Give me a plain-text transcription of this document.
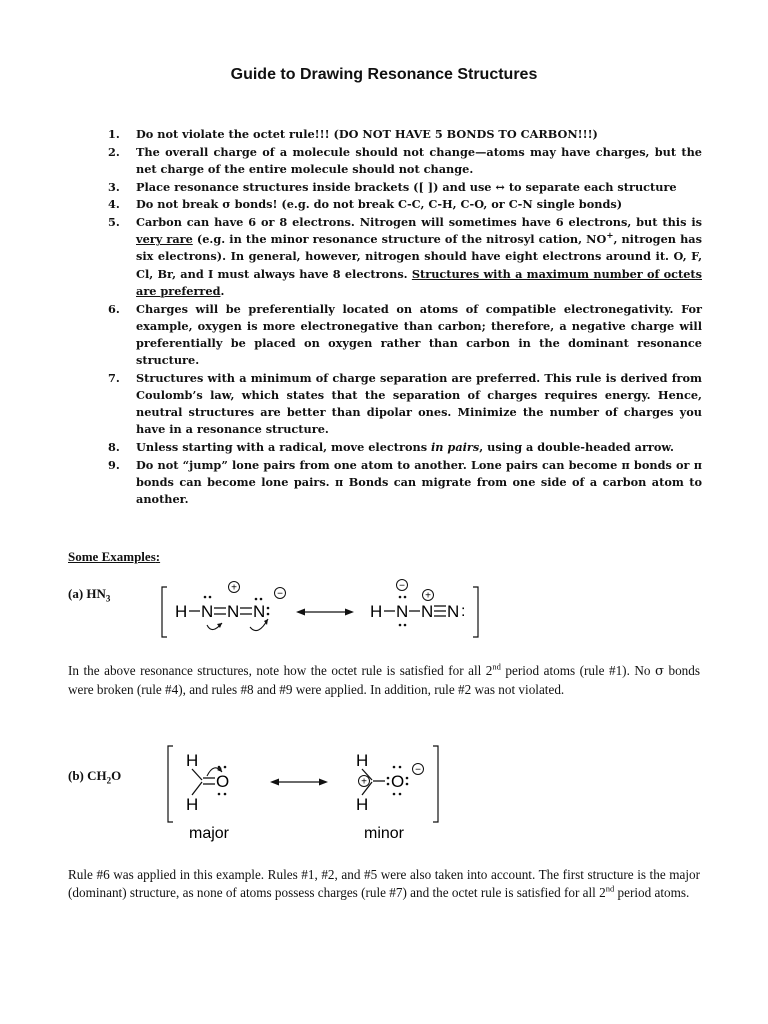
Guide to Drawing Resonance Structures
1.	Do not violate the octet rule!!! (DO NOT HAVE 5 BONDS TO CARBON!!!)
2.	The overall charge of a molecule should not change—atoms may have charges, but the net charge of the entire molecule should not change.
3.	Place resonance structures inside brackets ([ ]) and use ↔ to separate each structure
4.	Do not break σ bonds! (e.g. do not break C-C, C-H, C-O, or C-N single bonds)
5.	Carbon can have 6 or 8 electrons. Nitrogen will sometimes have 6 electrons, but this is very rare (e.g. in the minor resonance structure of the nitrosyl cation, NO+, nitrogen has six electrons). In general, however, nitrogen should have eight electrons around it. O, F, Cl, Br, and I must always have 8 electrons. Structures with a maximum number of octets are preferred.
6.	Charges will be preferentially located on atoms of compatible electronegativity. For example, oxygen is more electronegative than carbon; therefore, a negative charge will preferentially be placed on oxygen rather than carbon in the dominant resonance structure.
7.	Structures with a minimum of charge separation are preferred. This rule is derived from Coulomb’s law, which states that the separation of charges requires energy. Hence, neutral structures are better than dipolar ones. Minimize the number of charges you have in a resonance structure.
8.	Unless starting with a radical, move electrons in pairs, using a double-headed arrow.
9.	Do not “jump” lone pairs from one atom to another. Lone pairs can become π bonds or π bonds can become lone pairs. π Bonds can migrate from one side of a carbon atom to another.
Some Examples:
(a) $HN_3$
H N N
+
N
−
H N
−
N
+
N :

In the above resonance structures, note how the octet rule is satisfied for all 2nd period atoms (rule #1). No σ bonds were broken (rule #4), and rules #8 and #9 were applied. In addition, rule #2 was not violated.

(b) $CH_2O$
H
H
O
major
H
H
+ O
−
minor

Rule #6 was applied in this example. Rules #1, #2, and #5 were also taken into account. The first structure is the major (dominant) structure, as none of atoms possess charges (rule #7) and the octet rule is satisfied for all 2nd period atoms.
